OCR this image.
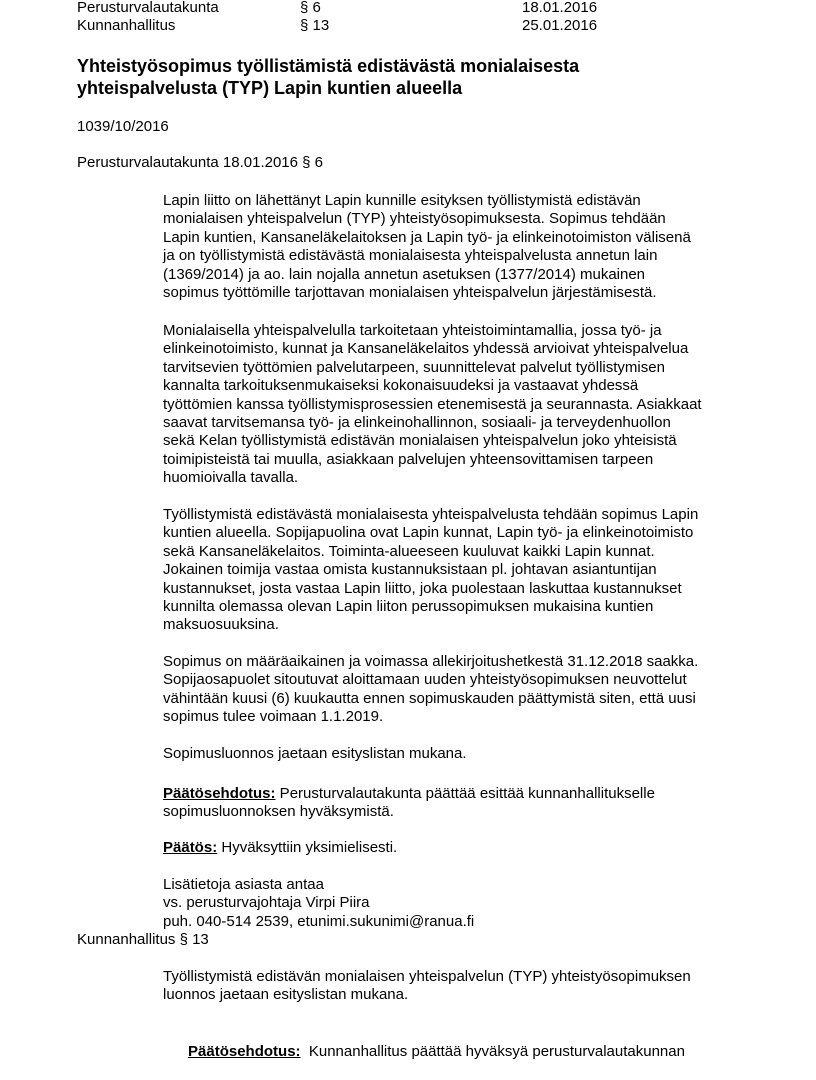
Perusturvalautakunta	§ 6	18.01.2016
Kunnanhallitus	§ 13	25.01.2016
Yhteistyösopimus työllistämistä edistävästä monialaisesta
yhteispalvelusta (TYP) Lapin kuntien alueella
1039/10/2016
Perusturvalautakunta 18.01.2016 § 6
Lapin liitto on lähettänyt Lapin kunnille esityksen työllistymistä edistävän
monialaisen yhteispalvelun (TYP) yhteistyösopimuksesta. Sopimus tehdään
Lapin kuntien, Kansaneläkelaitoksen ja Lapin työ- ja elinkeinotoimiston välisenä
ja on työllistymistä edistävästä monialaisesta yhteispalvelusta annetun lain
(1369/2014) ja ao. lain nojalla annetun asetuksen (1377/2014) mukainen
sopimus työttömille tarjottavan monialaisen yhteispalvelun järjestämisestä.
Monialaisella yhteispalvelulla tarkoitetaan yhteistoimintamallia, jossa työ- ja
elinkeinotoimisto, kunnat ja Kansaneläkelaitos yhdessä arvioivat yhteispalvelua
tarvitsevien työttömien palvelutarpeen, suunnittelevat palvelut työllistymisen
kannalta tarkoituksenmukaiseksi kokonaisuudeksi ja vastaavat yhdessä
työttömien kanssa työllistymisprosessien etenemisestä ja seurannasta. Asiakkaat
saavat tarvitsemansa työ- ja elinkeinohallinnon, sosiaali- ja terveydenhuollon
sekä Kelan työllistymistä edistävän monialaisen yhteispalvelun joko yhteisistä
toimipisteistä tai muulla, asiakkaan palvelujen yhteensovittamisen tarpeen
huomioivalla tavalla.
Työllistymistä edistävästä monialaisesta yhteispalvelusta tehdään sopimus Lapin
kuntien alueella. Sopijapuolina ovat Lapin kunnat, Lapin työ- ja elinkeinotoimisto
sekä Kansaneläkelaitos. Toiminta-alueeseen kuuluvat kaikki Lapin kunnat.
Jokainen toimija vastaa omista kustannuksistaan pl. johtavan asiantuntijan
kustannukset, josta vastaa Lapin liitto, joka puolestaan laskuttaa kustannukset
kunnilta olemassa olevan Lapin liiton perussopimuksen mukaisina kuntien
maksuosuuksina.
Sopimus on määräaikainen ja voimassa allekirjoitushetkestä 31.12.2018 saakka.
Sopijaosapuolet sitoutuvat aloittamaan uuden yhteistyösopimuksen neuvottelut
vähintään kuusi (6) kuukautta ennen sopimuskauden päättymistä siten, että uusi
sopimus tulee voimaan 1.1.2019.
Sopimusluonnos jaetaan esityslistan mukana.
Päätösehdotus: Perusturvalautakunta päättää esittää kunnanhallitukselle
sopimusluonnoksen hyväksymistä.
Päätös: Hyväksyttiin yksimielisesti.
Lisätietoja asiasta antaa
vs. perusturvajohtaja Virpi Piira
puh. 040-514 2539, etunimi.sukunimi@ranua.fi
Kunnanhallitus § 13
Työllistymistä edistävän monialaisen yhteispalvelun (TYP) yhteistyösopimuksen
luonnos jaetaan esityslistan mukana.

Päätösehdotus:  Kunnanhallitus päättää hyväksyä perusturvalautakunnan
